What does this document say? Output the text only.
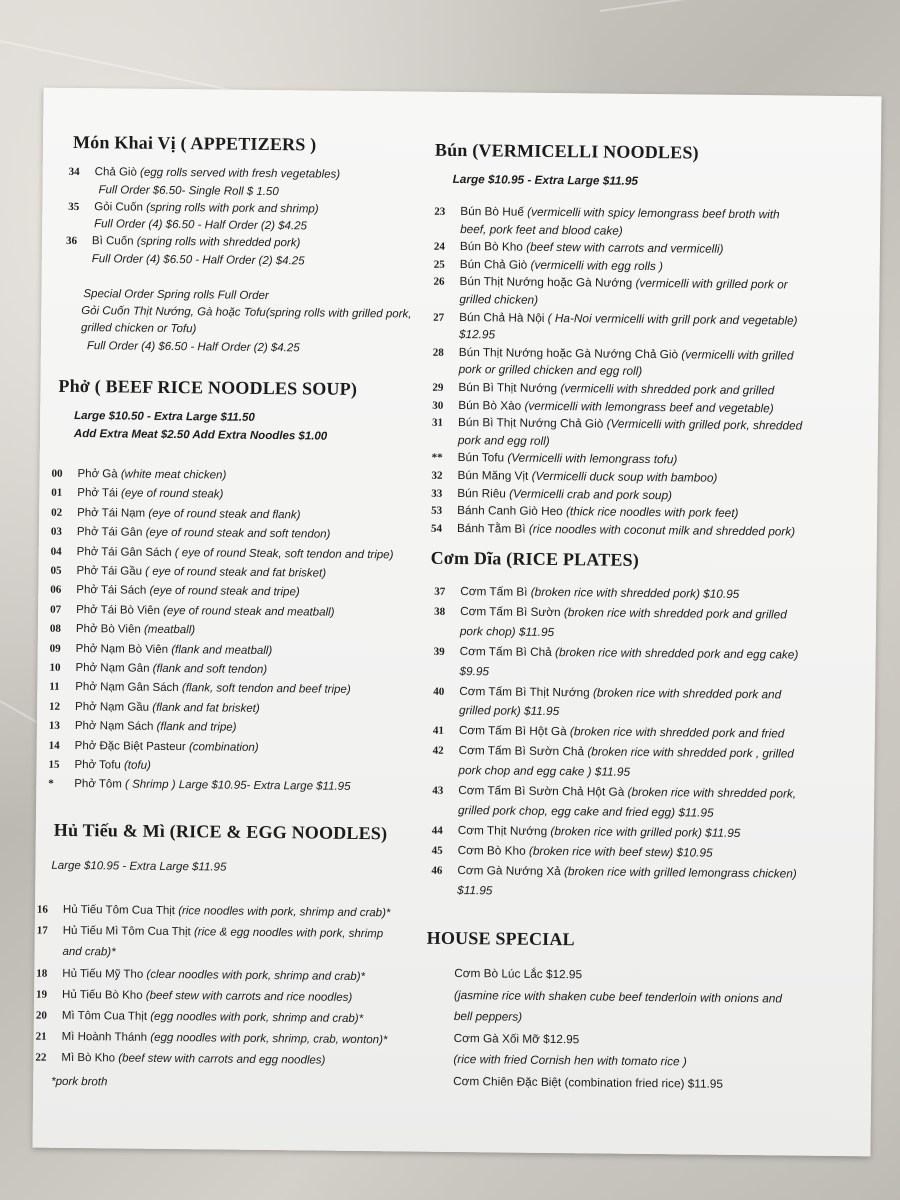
Món Khai Vị ( APPETIZERS )
34 Chả Giò (egg rolls served with fresh vegetables)
Full Order $6.50- Single Roll $ 1.50
35 Gỏi Cuốn (spring rolls with pork and shrimp)
Full Order (4) $6.50 - Half Order (2) $4.25
36 Bì Cuốn (spring rolls with shredded pork)
Full Order (4) $6.50 - Half Order (2) $4.25
Special Order Spring rolls Full Order
Gỏi Cuốn Thịt Nướng, Gà hoặc Tofu(spring rolls with grilled pork,
grilled chicken or Tofu)
Full Order (4) $6.50 - Half Order (2) $4.25
Phở ( BEEF RICE NOODLES SOUP)
Large $10.50 - Extra Large $11.50
Add Extra Meat $2.50 Add Extra Noodles $1.00
00 Phở Gà (white meat chicken)
01 Phở Tái (eye of round steak)
02 Phở Tái Nạm (eye of round steak and flank)
03 Phở Tái Gân (eye of round steak and soft tendon)
04 Phở Tái Gân Sách ( eye of round Steak, soft tendon and tripe)
05 Phở Tái Gầu ( eye of round steak and fat brisket)
06 Phở Tái Sách (eye of round steak and tripe)
07 Phở Tái Bò Viên (eye of round steak and meatball)
08 Phở Bò Viên (meatball)
09 Phở Nạm Bò Viên (flank and meatball)
10 Phở Nạm Gân (flank and soft tendon)
11 Phở Nạm Gân Sách (flank, soft tendon and beef tripe)
12 Phở Nạm Gầu (flank and fat brisket)
13 Phở Nạm Sách (flank and tripe)
14 Phở Đặc Biệt Pasteur (combination)
15 Phở Tofu (tofu)
* Phở Tôm ( Shrimp ) Large $10.95- Extra Large $11.95
Hủ Tiếu & Mì (RICE & EGG NOODLES)
Large $10.95 - Extra Large $11.95
16 Hủ Tiếu Tôm Cua Thịt (rice noodles with pork, shrimp and crab)*
17 Hủ Tiếu Mì Tôm Cua Thịt (rice & egg noodles with pork, shrimp
and crab)*
18 Hủ Tiếu Mỹ Tho (clear noodles with pork, shrimp and crab)*
19 Hủ Tiếu Bò Kho (beef stew with carrots and rice noodles)
20 Mì Tôm Cua Thịt (egg noodles with pork, shrimp and crab)*
21 Mì Hoành Thánh (egg noodles with pork, shrimp, crab, wonton)*
22 Mì Bò Kho (beef stew with carrots and egg noodles)
*pork broth
Bún (VERMICELLI NOODLES)
Large $10.95 - Extra Large $11.95
23 Bún Bò Huế (vermicelli with spicy lemongrass beef broth with
beef, pork feet and blood cake)
24 Bún Bò Kho (beef stew with carrots and vermicelli)
25 Bún Chả Giò (vermicelli with egg rolls )
26 Bún Thịt Nướng hoặc Gà Nướng (vermicelli with grilled pork or
grilled chicken)
27 Bún Chả Hà Nội ( Ha-Noi vermicelli with grill pork and vegetable)
$12.95
28 Bún Thịt Nướng hoặc Gà Nướng Chả Giò (vermicelli with grilled
pork or grilled chicken and egg roll)
29 Bún Bì Thịt Nướng (vermicelli with shredded pork and grilled
30 Bún Bò Xào (vermicelli with lemongrass beef and vegetable)
31 Bún Bì Thịt Nướng Chả Giò (Vermicelli with grilled pork, shredded
pork and egg roll)
** Bún Tofu (Vermicelli with lemongrass tofu)
32 Bún Măng Vịt (Vermicelli duck soup with bamboo)
33 Bún Riêu (Vermicelli crab and pork soup)
53 Bánh Canh Giò Heo (thick rice noodles with pork feet)
54 Bánh Tằm Bì (rice noodles with coconut milk and shredded pork)
Cơm Dĩa (RICE PLATES)
37 Cơm Tấm Bì (broken rice with shredded pork) $10.95
38 Cơm Tấm Bì Sườn (broken rice with shredded pork and grilled
pork chop) $11.95
39 Cơm Tấm Bì Chả (broken rice with shredded pork and egg cake)
$9.95
40 Cơm Tấm Bì Thịt Nướng (broken rice with shredded pork and
grilled pork) $11.95
41 Cơm Tấm Bì Hột Gà (broken rice with shredded pork and fried
42 Cơm Tấm Bì Sườn Chả (broken rice with shredded pork , grilled
pork chop and egg cake ) $11.95
43 Cơm Tấm Bì Sườn Chả Hột Gà (broken rice with shredded pork,
grilled pork chop, egg cake and fried egg) $11.95
44 Cơm Thịt Nướng (broken rice with grilled pork) $11.95
45 Cơm Bò Kho (broken rice with beef stew) $10.95
46 Cơm Gà Nướng Xả (broken rice with grilled lemongrass chicken)
$11.95
HOUSE SPECIAL
Cơm Bò Lúc Lắc $12.95
(jasmine rice with shaken cube beef tenderloin with onions and
bell peppers)
Cơm Gà Xối Mỡ $12.95
(rice with fried Cornish hen with tomato rice )
Cơm Chiên Đặc Biệt (combination fried rice) $11.95
